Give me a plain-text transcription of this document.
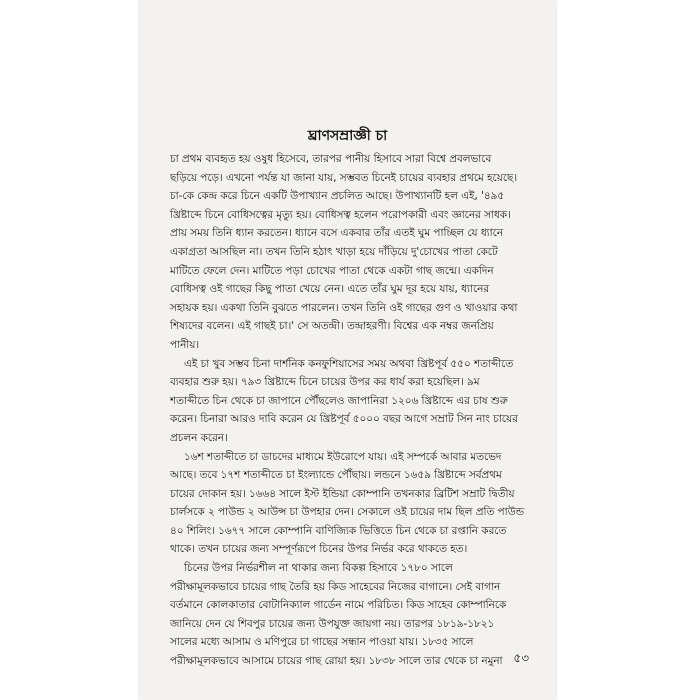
ঘ্রাণসম্রাজ্ঞী চা

চা প্রথম ব্যবহৃত হয় ওষুধ হিসেবে, তারপর পানীয় হিসাবে সারা বিশ্বে প্রবলভাবে
ছড়িয়ে পড়ে। এখনো পর্যন্ত যা জানা যায়, সম্ভবত চিনেই চায়ের ব্যবহার প্রথমে হয়েছে।
চা-কে কেন্দ্র করে চিনে একটি উপাখ্যান প্রচলিত আছে। উপাখ্যানটি হল এই, '৪৯৫
খ্রিষ্টাব্দে চিনে বোধিসত্বের মৃত্যু হয়। বোধিসত্ব হলেন পরোপকারী এবং জ্ঞানের সাধক।
প্রায় সময় তিনি ধ্যান করতেন। ধ্যানে বসে একবার তাঁর এতই ঘুম পাচ্ছিল যে ধ্যানে
একাগ্রতা আসছিল না। তখন তিনি হঠাৎ খাড়া হয়ে দাঁড়িয়ে দু'চোখের পাতা কেটে
মাটিতে ফেলে দেন। মাটিতে পড়া চোখের পাতা থেকে একটা গাছ জন্মে। একদিন
বোধিসত্ব ওই গাছের কিছু পাতা খেয়ে নেন। এতে তাঁর ঘুম দূর হয়ে যায়, ধ্যানের
সহায়ক হয়। একথা তিনি বুঝতে পারলেন। তখন তিনি ওই গাছের গুণ ও খাওয়ার কথা
শিষ্যদের বলেন। এই গাছই চা।' সে অতন্দ্রী। তন্দ্রাহরণী। বিশ্বের এক নম্বর জনপ্রিয়
পানীয়।

এই চা খুব সম্ভব চিনা দার্শনিক কনফুশিয়াসের সময় অথবা খ্রিষ্টপূর্ব ৫৫০ শতাব্দীতে
ব্যবহার শুরু হয়। ৭৯৩ খ্রিষ্টাব্দে চিনে চায়ের উপর কর ধার্য করা হয়েছিল। ৯ম
শতাব্দীতে চিন থেকে চা জাপানে পৌঁছলেও জাপানিরা ১২০৬ খ্রিষ্টাব্দে এর চাষ শুরু
করেন। চিনারা আরও দাবি করেন যে খ্রিষ্টপূর্ব ৫০০০ বছর আগে সম্রাট সিন নাং চায়ের
প্রচলন করেন।

১৬শ শতাব্দীতে চা ডাচদের মাধ্যমে ইউরোপে যায়। এই সম্পর্কে আবার মতভেদ
আছে। তবে ১৭শ শতাব্দীতে চা ইংল্যান্ডে পৌঁছায়। লন্ডনে ১৬৫৯ খ্রিষ্টাব্দে সর্বপ্রথম
চায়ের দোকান হয়। ১৬৬৪ সালে ইস্ট ইন্ডিয়া কোম্পানি তখনকার ব্রিটিশ সম্রাট দ্বিতীয়
চার্লসকে ২ পাউন্ড ২ আউন্স চা উপহার দেন। সেকালে ওই চায়ের দাম ছিল প্রতি পাউন্ড
৪০ শিলিং। ১৬৭৭ সালে কোম্পানি বাণিজ্যিক ভিত্তিতে চিন থেকে চা রপ্তানি করতে
থাকে। তখন চায়ের জন্য সম্পূর্ণরূপে চিনের উপর নির্ভর করে থাকতে হত।

চিনের উপর নির্ভরশীল না থাকার জন্য বিকল্প হিসাবে ১৭৮০ সালে
পরীক্ষামূলকভাবে চায়ের গাছ তৈরি হয় কিড সাহেবের নিজের বাগানে। সেই বাগান
বর্তমানে কোলকাতার বোটানিক্যাল গার্ডেন নামে পরিচিত। কিড সাহেব কোম্পানিকে
জানিয়ে দেন যে শিবপুর চায়ের জন্য উপযুক্ত জায়গা নয়। তারপর ১৮১৯-১৮২১
সালের মধ্যে আসাম ও মণিপুরে চা গাছের সন্ধান পাওয়া যায়। ১৮৩৫ সালে
পরীক্ষামূলকভাবে আসামে চায়ের গাছ রোয়া হয়। ১৮৩৮ সালে তার থেকে চা নমুনা ৫৩
